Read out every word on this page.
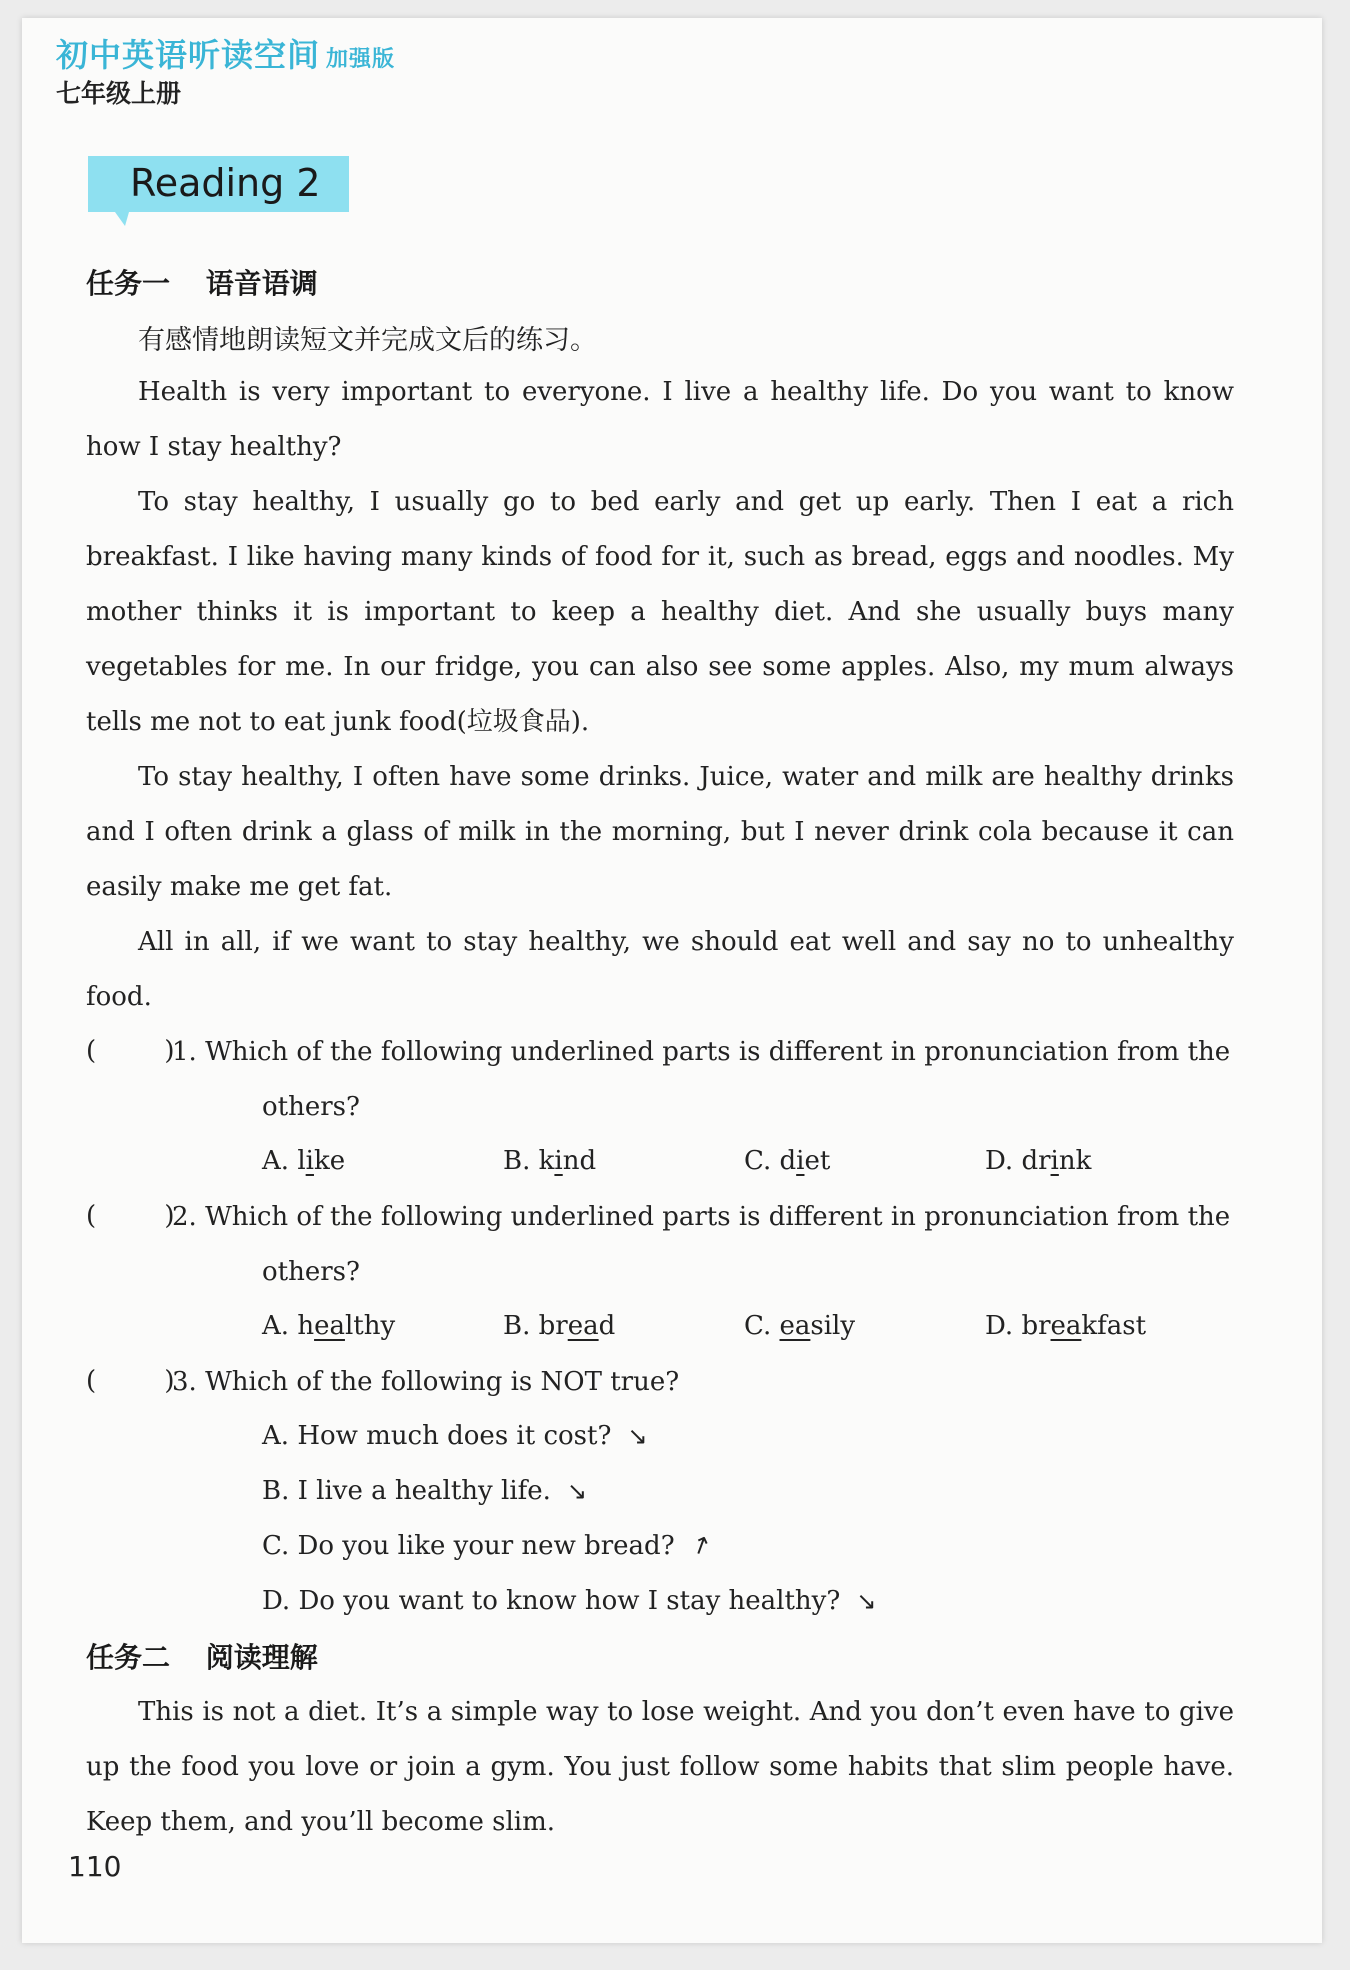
初中英语听读空间 加强版
七年级上册
Reading 2
任务一 语音语调
有感情地朗读短文并完成文后的练习。

Health is very important to everyone. I live a healthy life. Do you want to know how I stay healthy?

To stay healthy, I usually go to bed early and get up early. Then I eat a rich breakfast. I like having many kinds of food for it, such as bread, eggs and noodles. My mother thinks it is important to keep a healthy diet. And she usually buys many vegetables for me. In our fridge, you can also see some apples. Also, my mum always tells me not to eat junk food(垃圾食品).

To stay healthy, I often have some drinks. Juice, water and milk are healthy drinks and I often drink a glass of milk in the morning, but I never drink cola because it can easily make me get fat.

All in all, if we want to stay healthy, we should eat well and say no to unhealthy food.

( )
1. Which of the following underlined parts is different in pronunciation from the
others?
A. like	B. kind	C. diet	D. drink
( )
2. Which of the following underlined parts is different in pronunciation from the
others?
A. healthy	B. bread	C. easily	D. breakfast
( )
3. Which of the following is NOT true?
A. How much does it cost? ↘
B. I live a healthy life. ↘
C. Do you like your new bread? ↑
D. Do you want to know how I stay healthy? ↘
任务二 阅读理解

This is not a diet. It’s a simple way to lose weight. And you don’t even have to give up the food you love or join a gym. You just follow some habits that slim people have. Keep them, and you’ll become slim.

110
